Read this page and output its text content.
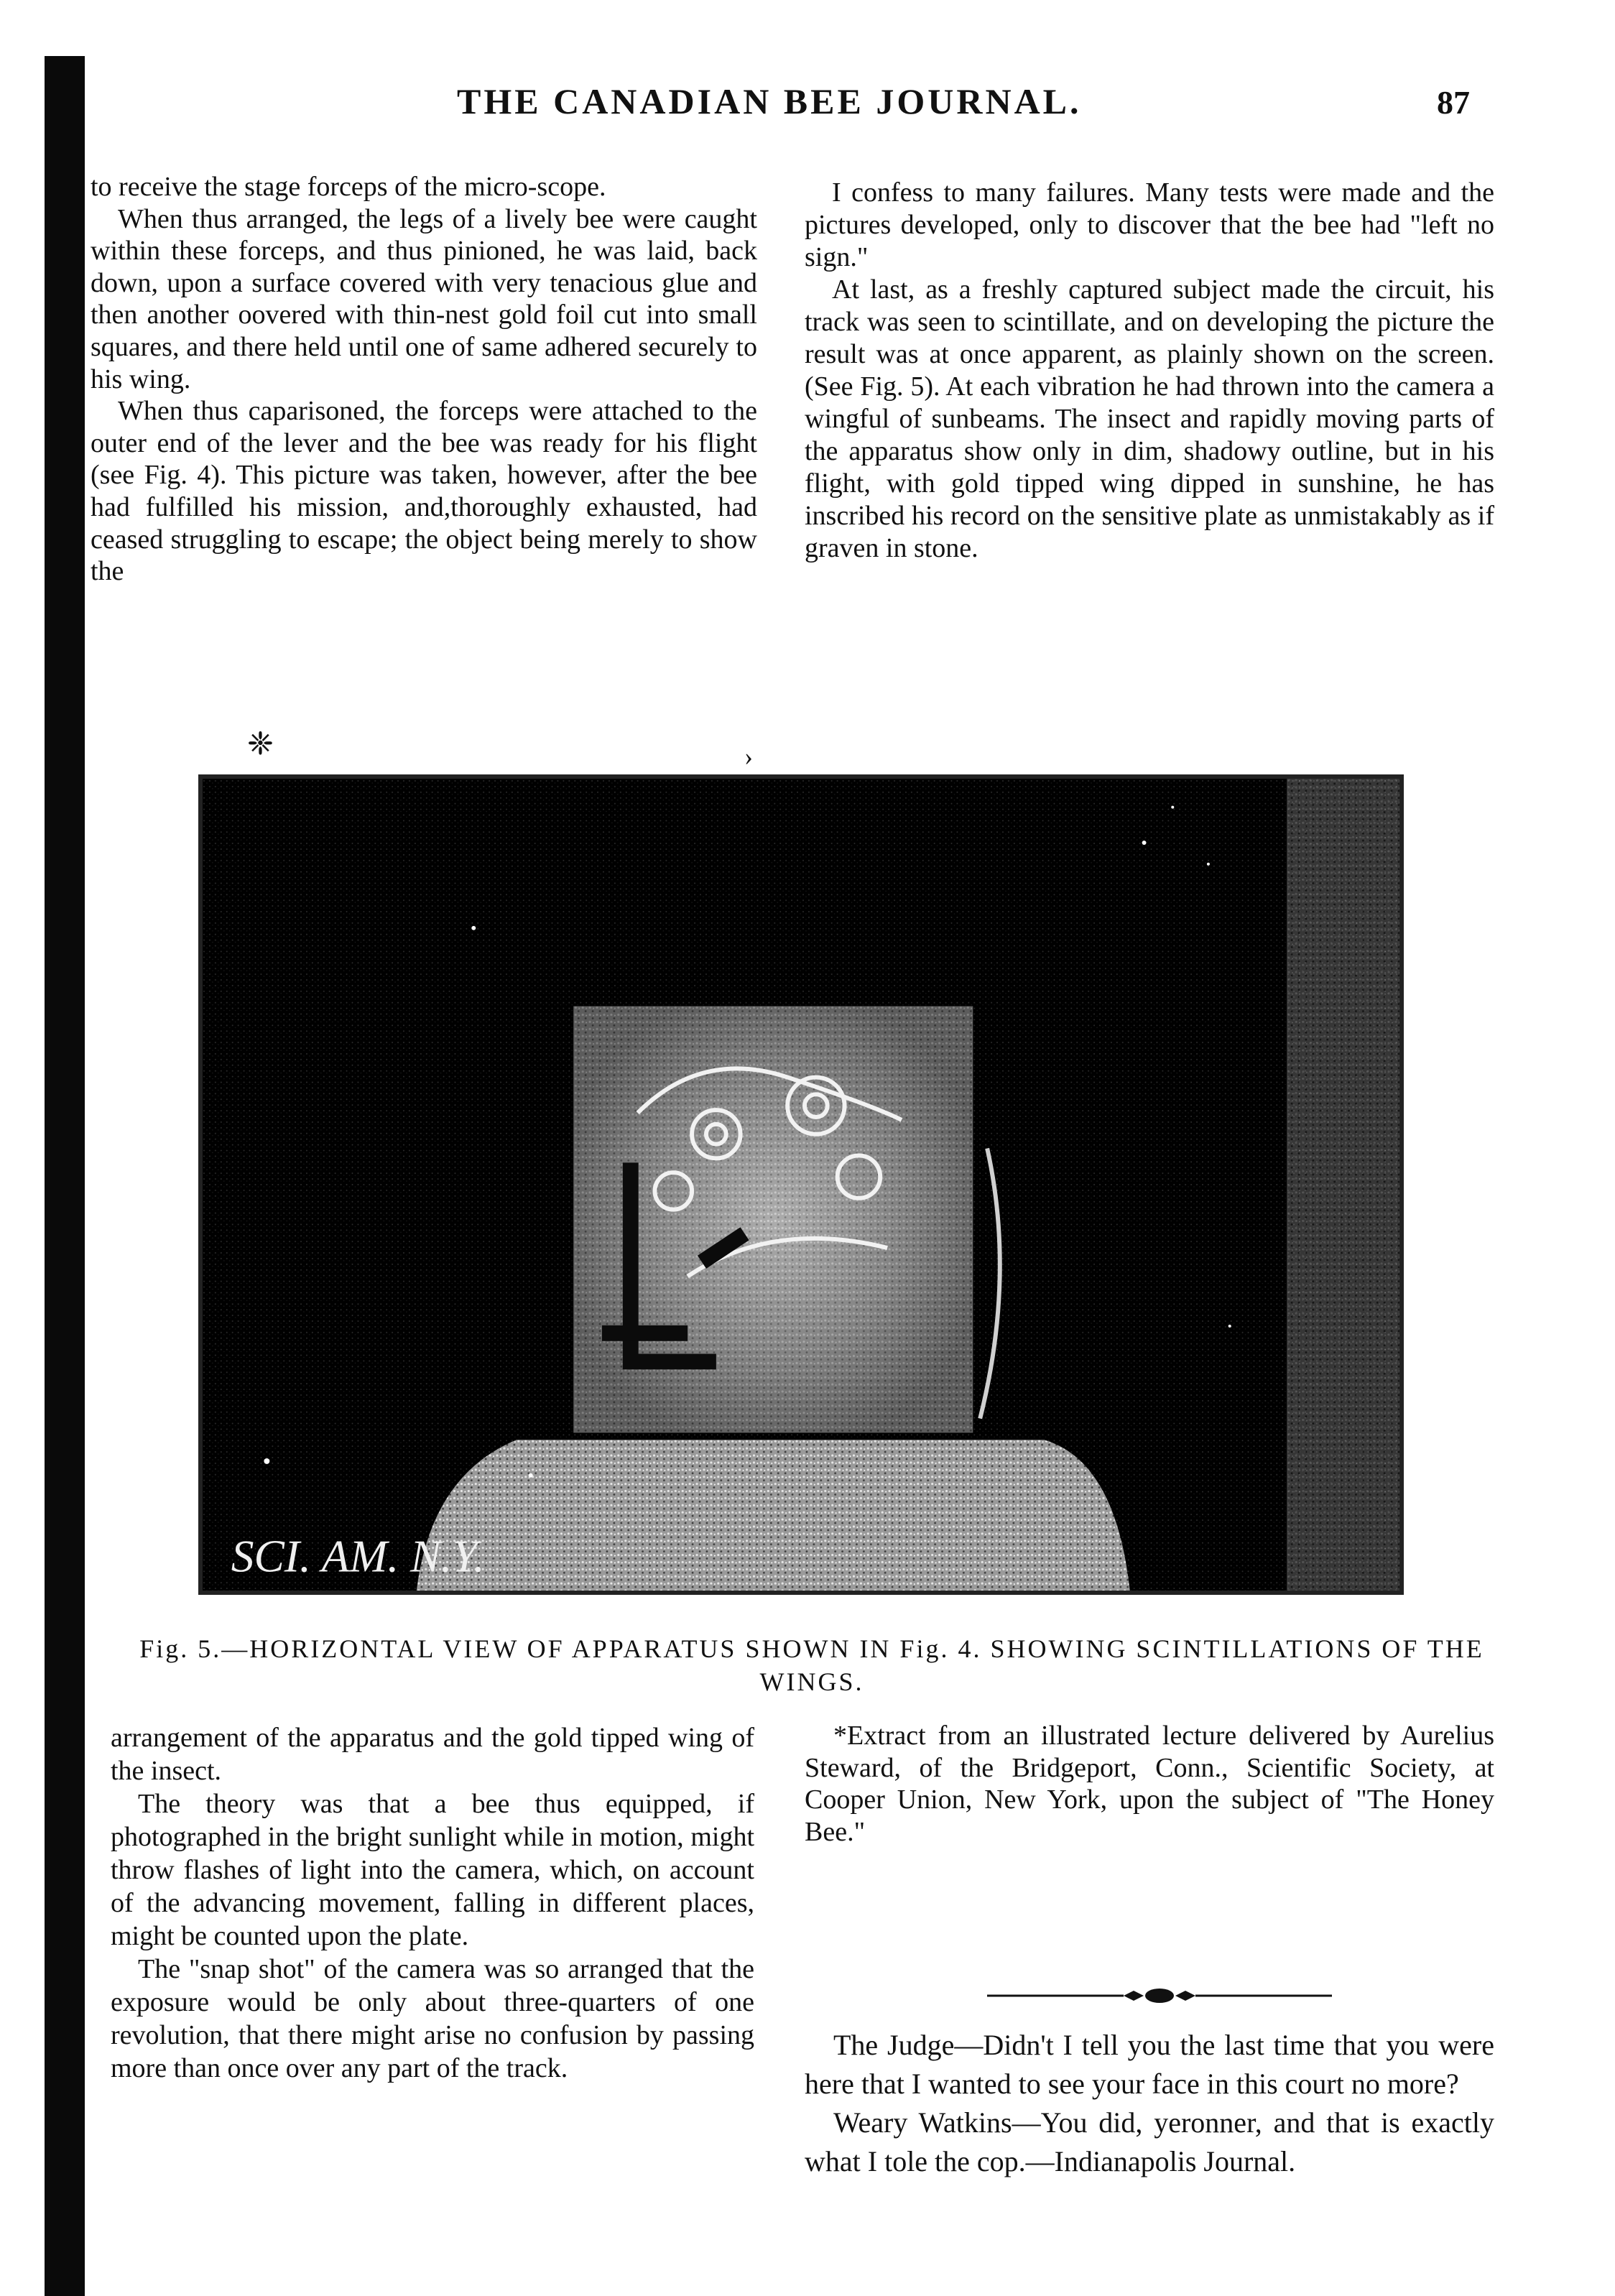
THE CANADIAN BEE JOURNAL.	87

to receive the stage forceps of the micro-scope.

When thus arranged, the legs of a lively bee were caught within these forceps, and thus pinioned, he was laid, back down, upon a surface covered with very tenacious glue and then another oovered with thin-nest gold foil cut into small squares, and there held until one of same adhered securely to his wing.

When thus caparisoned, the forceps were attached to the outer end of the lever and the bee was ready for his flight (see Fig. 4). This picture was taken, however, after the bee had fulfilled his mission, and,thoroughly exhausted, had ceased struggling to escape; the object being merely to show the

I confess to many failures. Many tests were made and the pictures developed, only to discover that the bee had "left no sign."

At last, as a freshly captured subject made the circuit, his track was seen to scintillate, and on developing the picture the result was at once apparent, as plainly shown on the screen. (See Fig. 5). At each vibration he had thrown into the camera a wingful of sunbeams. The insect and rapidly moving parts of the apparatus show only in dim, shadowy outline, but in his flight, with gold tipped wing dipped in sunshine, he has inscribed his record on the sensitive plate as unmistakably as if graven in stone.

❈	›
SCI. AM. N.Y.
Fig. 5.—HORIZONTAL VIEW OF APPARATUS SHOWN IN Fig. 4. SHOWING SCINTILLATIONS OF THE WINGS.

arrangement of the apparatus and the gold tipped wing of the insect.

The theory was that a bee thus equipped, if photographed in the bright sunlight while in motion, might throw flashes of light into the camera, which, on account of the advancing movement, falling in different places, might be counted upon the plate.

The "snap shot" of the camera was so arranged that the exposure would be only about three-quarters of one revolution, that there might arise no confusion by passing more than once over any part of the track.

*Extract from an illustrated lecture delivered by Aurelius Steward, of the Bridgeport, Conn., Scientific Society, at Cooper Union, New York, upon the subject of "The Honey Bee."

The Judge—Didn't I tell you the last time that you were here that I wanted to see your face in this court no more?

Weary Watkins—You did, yeronner, and that is exactly what I tole the cop.—Indianapolis Journal.
